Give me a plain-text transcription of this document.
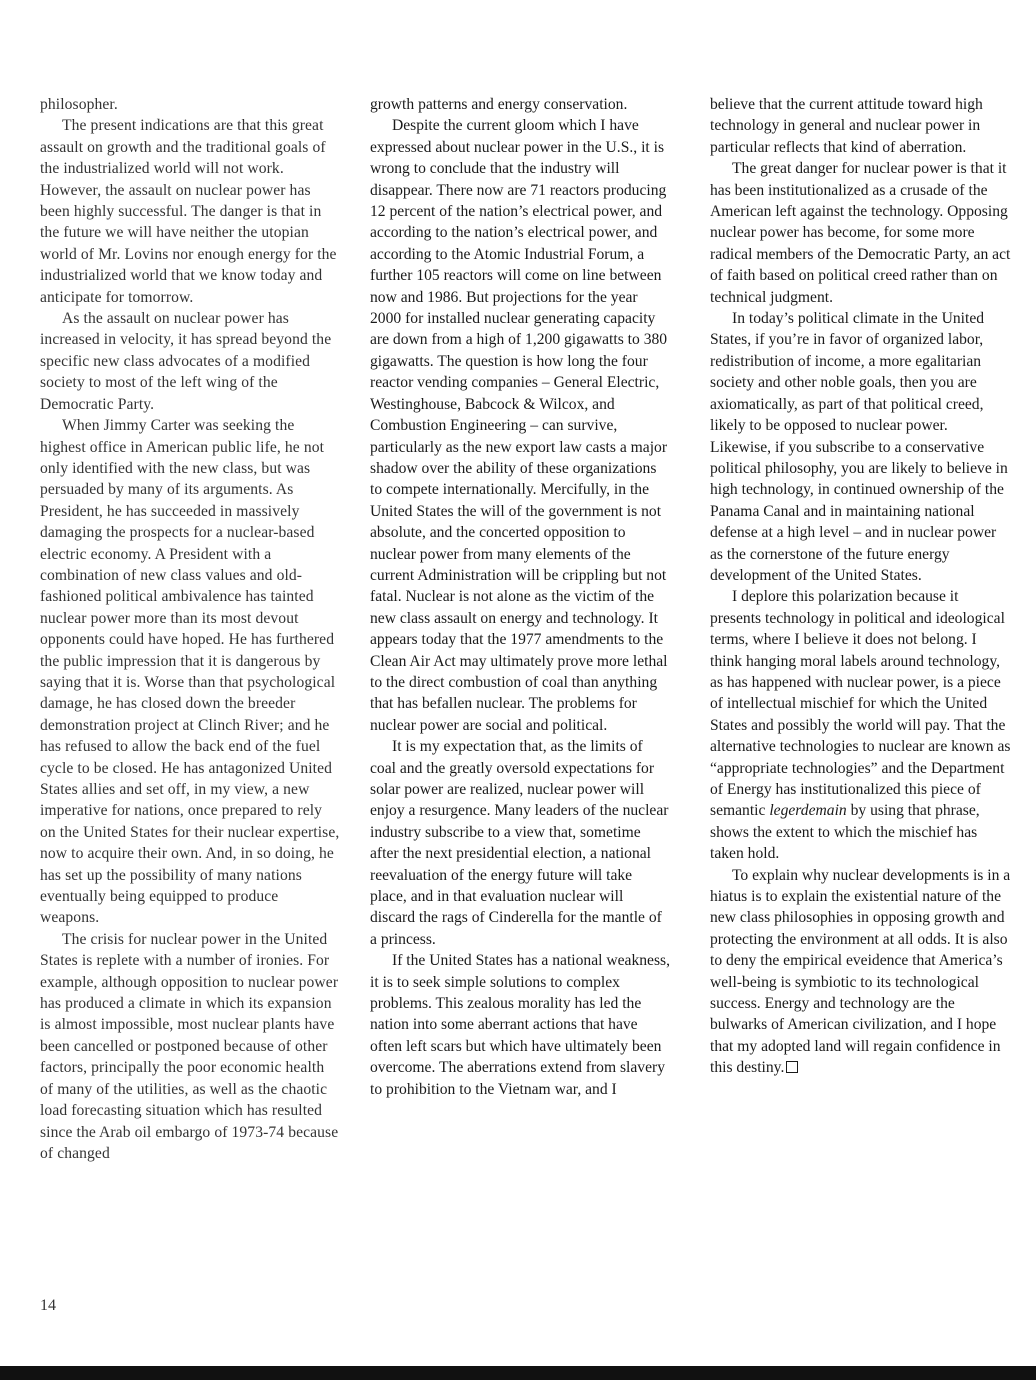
philosopher.

The present indications are that this great assault on growth and the traditional goals of the industrialized world will not work. However, the assault on nuclear power has been highly successful. The danger is that in the future we will have neither the utopian world of Mr. Lovins nor enough energy for the industrialized world that we know today and anticipate for tomorrow.

As the assault on nuclear power has increased in velocity, it has spread beyond the specific new class advocates of a modified society to most of the left wing of the Democratic Party.

When Jimmy Carter was seeking the highest office in American public life, he not only identified with the new class, but was persuaded by many of its arguments. As President, he has succeeded in massively damaging the prospects for a nuclear-based electric economy. A President with a combination of new class values and old-fashioned political ambivalence has tainted nuclear power more than its most devout opponents could have hoped. He has furthered the public impression that it is dangerous by saying that it is. Worse than that psychological damage, he has closed down the breeder demonstration project at Clinch River; and he has refused to allow the back end of the fuel cycle to be closed. He has antagonized United States allies and set off, in my view, a new imperative for nations, once prepared to rely on the United States for their nuclear expertise, now to acquire their own. And, in so doing, he has set up the possibility of many nations eventually being equipped to produce weapons.

The crisis for nuclear power in the United States is replete with a number of ironies. For example, although opposition to nuclear power has produced a climate in which its expansion is almost impossible, most nuclear plants have been cancelled or postponed because of other factors, principally the poor economic health of many of the utilities, as well as the chaotic load forecasting situation which has resulted since the Arab oil embargo of 1973-74 because of changed

growth patterns and energy conservation.

Despite the current gloom which I have expressed about nuclear power in the U.S., it is wrong to conclude that the industry will disappear. There now are 71 reactors producing 12 percent of the nation’s electrical power, and according to the nation’s electrical power, and according to the Atomic Industrial Forum, a further 105 reactors will come on line between now and 1986. But projections for the year 2000 for installed nuclear generating capacity are down from a high of 1,200 gigawatts to 380 gigawatts. The question is how long the four reactor vending companies – General Electric, Westinghouse, Babcock & Wilcox, and Combustion Engineering – can survive, particularly as the new export law casts a major shadow over the ability of these organizations to compete internationally. Mercifully, in the United States the will of the government is not absolute, and the concerted opposition to nuclear power from many elements of the current Administration will be crippling but not fatal. Nuclear is not alone as the victim of the new class assault on energy and technology. It appears today that the 1977 amendments to the Clean Air Act may ultimately prove more lethal to the direct combustion of coal than anything that has befallen nuclear. The problems for nuclear power are social and political.

It is my expectation that, as the limits of coal and the greatly oversold expectations for solar power are realized, nuclear power will enjoy a resurgence. Many leaders of the nuclear industry subscribe to a view that, sometime after the next presidential election, a national reevaluation of the energy future will take place, and in that evaluation nuclear will discard the rags of Cinderella for the mantle of a princess.

If the United States has a national weakness, it is to seek simple solutions to complex problems. This zealous morality has led the nation into some aberrant actions that have often left scars but which have ultimately been overcome. The aberrations extend from slavery to prohibition to the Vietnam war, and I

believe that the current attitude toward high technology in general and nuclear power in particular reflects that kind of aberration.

The great danger for nuclear power is that it has been institutionalized as a crusade of the American left against the technology. Opposing nuclear power has become, for some more radical members of the Democratic Party, an act of faith based on political creed rather than on technical judgment.

In today’s political climate in the United States, if you’re in favor of organized labor, redistribution of income, a more egalitarian society and other noble goals, then you are axiomatically, as part of that political creed, likely to be opposed to nuclear power. Likewise, if you subscribe to a conservative political philosophy, you are likely to believe in high technology, in continued ownership of the Panama Canal and in maintaining national defense at a high level – and in nuclear power as the cornerstone of the future energy development of the United States.

I deplore this polarization because it presents technology in political and ideological terms, where I believe it does not belong. I think hanging moral labels around technology, as has happened with nuclear power, is a piece of intellectual mischief for which the United States and possibly the world will pay. That the alternative technologies to nuclear are known as “appropriate technologies” and the Department of Energy has institutionalized this piece of semantic legerdemain by using that phrase, shows the extent to which the mischief has taken hold.

To explain why nuclear developments is in a hiatus is to explain the existential nature of the new class philosophies in opposing growth and protecting the environment at all odds. It is also to deny the empirical eveidence that America’s well-being is symbiotic to its technological success. Energy and technology are the bulwarks of American civilization, and I hope that my adopted land will regain confidence in this destiny.

14
